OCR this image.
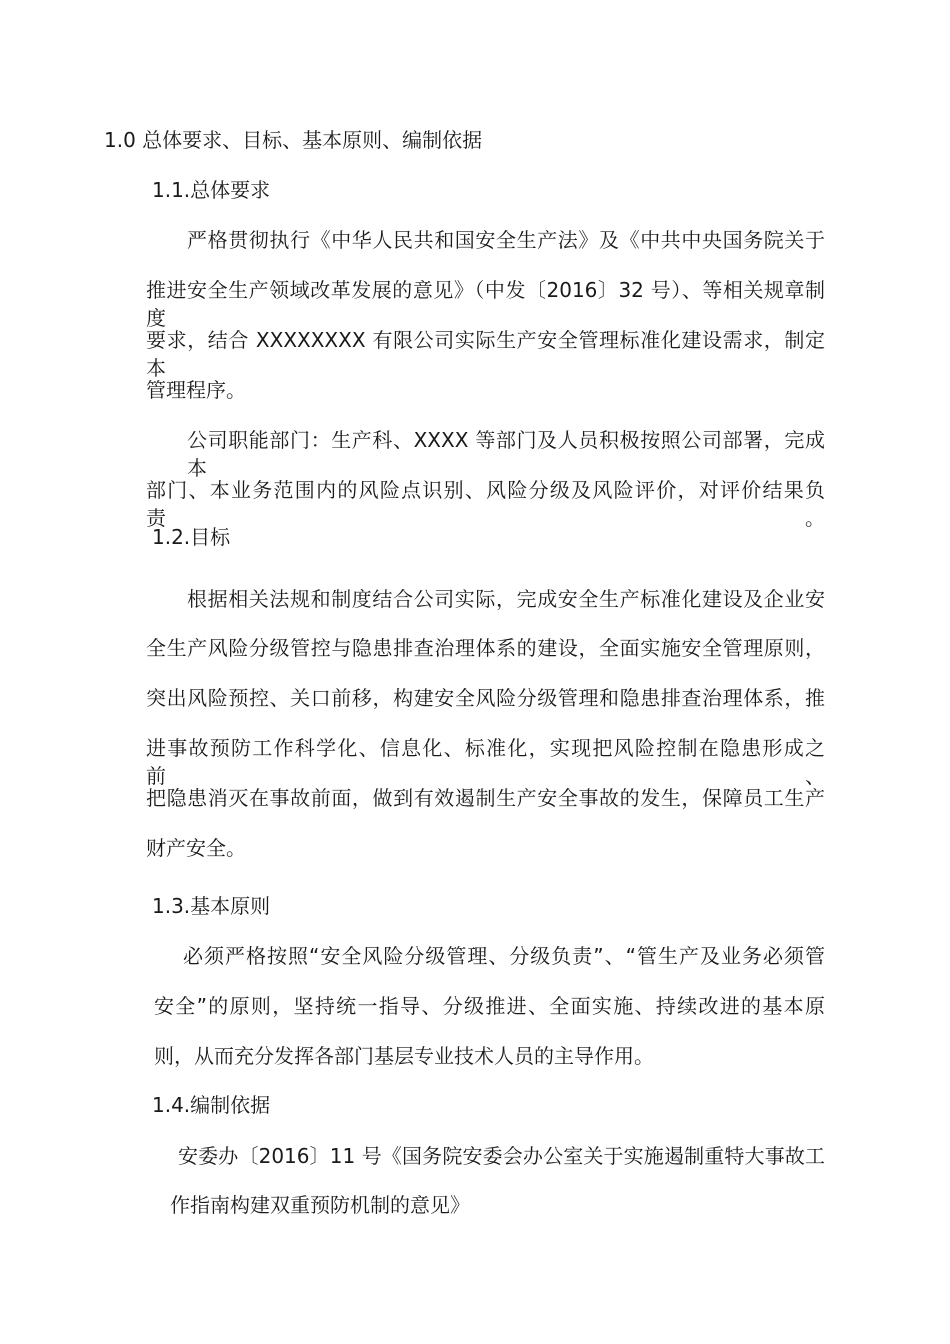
1.0 总体要求、目标、基本原则、编制依据
1.1.总体要求
严格贯彻执行《中华人民共和国安全生产法》及《中共中央国务院关于
推进安全生产领域改革发展的意见》（中发〔2016〕32 号）、等相关规章制度
要求，结合 XXXXXXXX 有限公司实际生产安全管理标准化建设需求，制定本
管理程序。
公司职能部门：生产科、XXXX 等部门及人员积极按照公司部署，完成本
部门、本业务范围内的风险点识别、风险分级及风险评价，对评价结果负责。
1.2.目标
根据相关法规和制度结合公司实际，完成安全生产标准化建设及企业安
全生产风险分级管控与隐患排查治理体系的建设，全面实施安全管理原则，
突出风险预控、关口前移，构建安全风险分级管理和隐患排查治理体系，推
进事故预防工作科学化、信息化、标准化，实现把风险控制在隐患形成之前、
把隐患消灭在事故前面，做到有效遏制生产安全事故的发生，保障员工生产
财产安全。
1.3.基本原则
必须严格按照“安全风险分级管理、分级负责”、“管生产及业务必须管
安全”的原则，坚持统一指导、分级推进、全面实施、持续改进的基本原
则，从而充分发挥各部门基层专业技术人员的主导作用。
1.4.编制依据
安委办〔2016〕11 号《国务院安委会办公室关于实施遏制重特大事故工
作指南构建双重预防机制的意见》
